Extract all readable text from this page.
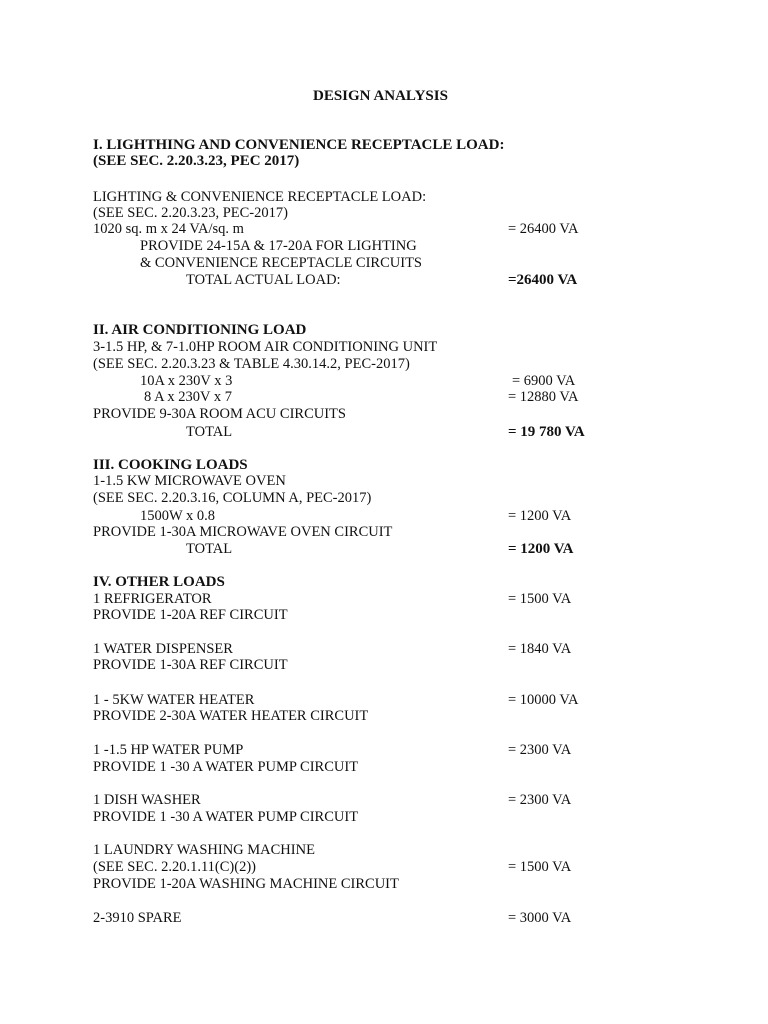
DESIGN ANALYSIS
I. LIGHTHING AND CONVENIENCE RECEPTACLE LOAD:
(SEE SEC. 2.20.3.23, PEC 2017)
LIGHTING & CONVENIENCE RECEPTACLE LOAD:
(SEE SEC. 2.20.3.23, PEC-2017)
1020 sq. m x 24 VA/sq. m	= 26400 VA
PROVIDE 24-15A & 17-20A FOR LIGHTING
& CONVENIENCE RECEPTACLE CIRCUITS
TOTAL ACTUAL LOAD:	=26400 VA
II. AIR CONDITIONING LOAD
3-1.5 HP, & 7-1.0HP ROOM AIR CONDITIONING UNIT
(SEE SEC. 2.20.3.23 & TABLE 4.30.14.2, PEC-2017)
10A x 230V x 3	= 6900 VA
8 A x 230V x 7	= 12880 VA
PROVIDE 9-30A ROOM ACU CIRCUITS
TOTAL	= 19 780 VA
III. COOKING LOADS
1-1.5 KW MICROWAVE OVEN
(SEE SEC. 2.20.3.16, COLUMN A, PEC-2017)
1500W x 0.8	= 1200 VA
PROVIDE 1-30A MICROWAVE OVEN CIRCUIT
TOTAL	= 1200 VA
IV. OTHER LOADS
1 REFRIGERATOR	= 1500 VA
PROVIDE 1-20A REF CIRCUIT
1 WATER DISPENSER	= 1840 VA
PROVIDE 1-30A REF CIRCUIT
1 - 5KW WATER HEATER	= 10000 VA
PROVIDE 2-30A WATER HEATER CIRCUIT
1 -1.5 HP WATER PUMP	= 2300 VA
PROVIDE 1 -30 A WATER PUMP CIRCUIT
1 DISH WASHER	= 2300 VA
PROVIDE 1 -30 A WATER PUMP CIRCUIT
1 LAUNDRY WASHING MACHINE
(SEE SEC. 2.20.1.11(C)(2))	= 1500 VA
PROVIDE 1-20A WASHING MACHINE CIRCUIT
2-3910 SPARE	= 3000 VA
